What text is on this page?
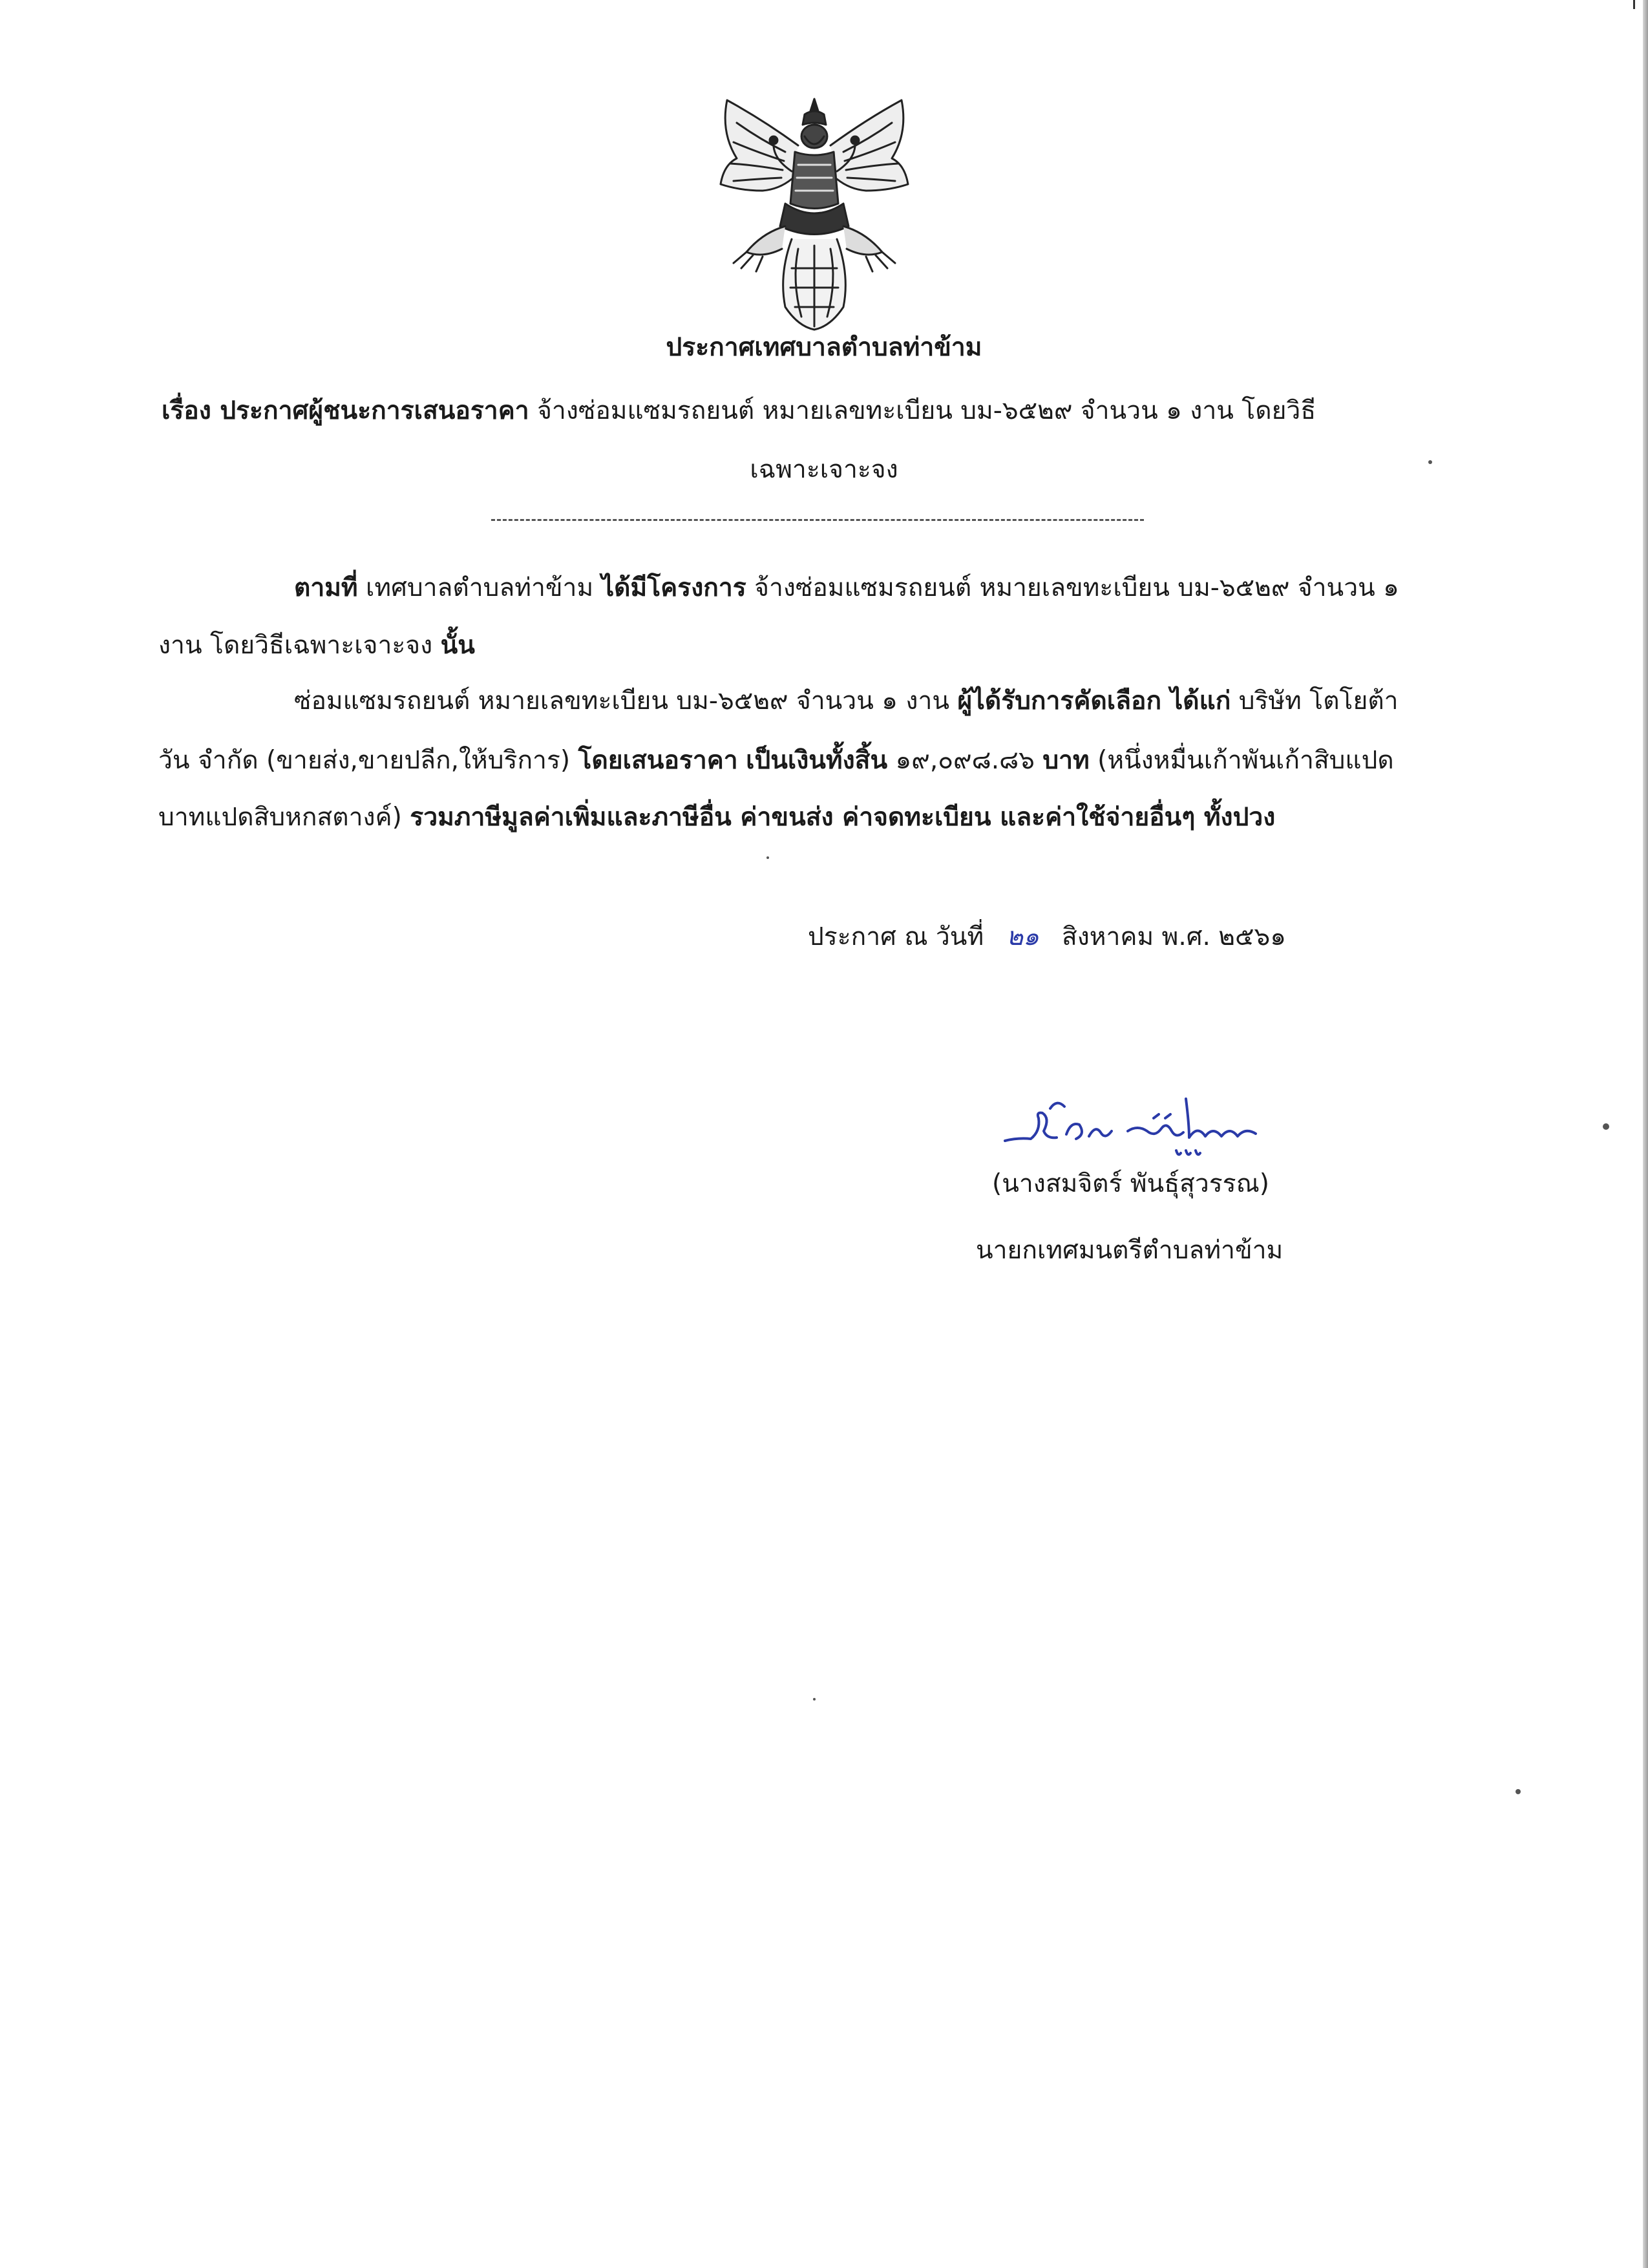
ประกาศเทศบาลตำบลท่าข้าม
เรื่อง ประกาศผู้ชนะการเสนอราคา จ้างซ่อมแซมรถยนต์ หมายเลขทะเบียน บม-๖๕๒๙ จำนวน ๑ งาน โดยวิธี
เฉพาะเจาะจง
ตามที่ เทศบาลตำบลท่าข้าม ได้มีโครงการ จ้างซ่อมแซมรถยนต์ หมายเลขทะเบียน บม-๖๕๒๙ จำนวน ๑
งาน โดยวิธีเฉพาะเจาะจง นั้น
ซ่อมแซมรถยนต์ หมายเลขทะเบียน บม-๖๕๒๙ จำนวน ๑ งาน ผู้ได้รับการคัดเลือก ได้แก่ บริษัท โตโยต้า
วัน จำกัด (ขายส่ง,ขายปลีก,ให้บริการ) โดยเสนอราคา เป็นเงินทั้งสิ้น ๑๙,๐๙๘.๘๖ บาท (หนึ่งหมื่นเก้าพันเก้าสิบแปด
บาทแปดสิบหกสตางค์) รวมภาษีมูลค่าเพิ่มและภาษีอื่น ค่าขนส่ง ค่าจดทะเบียน และค่าใช้จ่ายอื่นๆ ทั้งปวง
ประกาศ ณ วันที่ ๒๑ สิงหาคม พ.ศ. ๒๕๖๑
(นางสมจิตร์ พันธุ์สุวรรณ)
นายกเทศมนตรีตำบลท่าข้าม
